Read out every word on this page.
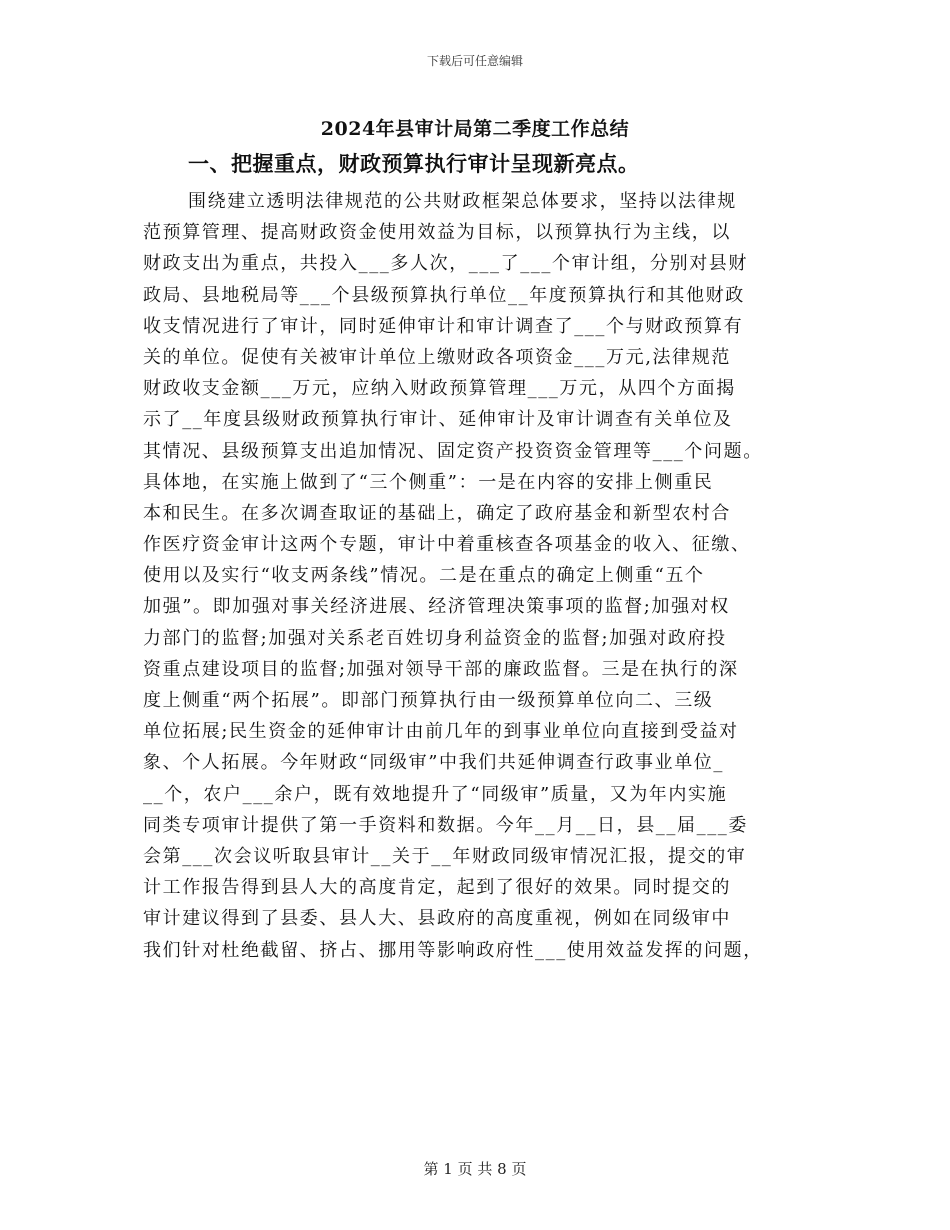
下载后可任意编辑
2024年县审计局第二季度工作总结
一、把握重点，财政预算执行审计呈现新亮点。
围绕建立透明法律规范的公共财政框架总体要求，坚持以法律规
范预算管理、提高财政资金使用效益为目标，以预算执行为主线，以
财政支出为重点，共投入___多人次，___了___个审计组，分别对县财
政局、县地税局等___个县级预算执行单位__年度预算执行和其他财政
收支情况进行了审计，同时延伸审计和审计调查了___个与财政预算有
关的单位。促使有关被审计单位上缴财政各项资金___万元,法律规范
财政收支金额___万元，应纳入财政预算管理___万元，从四个方面揭
示了__年度县级财政预算执行审计、延伸审计及审计调查有关单位及
其情况、县级预算支出追加情况、固定资产投资资金管理等___个问题。
具体地，在实施上做到了“三个侧重”：一是在内容的安排上侧重民
本和民生。在多次调查取证的基础上，确定了政府基金和新型农村合
作医疗资金审计这两个专题，审计中着重核查各项基金的收入、征缴、
使用以及实行“收支两条线”情况。二是在重点的确定上侧重“五个
加强”。即加强对事关经济进展、经济管理决策事项的监督;加强对权
力部门的监督;加强对关系老百姓切身利益资金的监督;加强对政府投
资重点建设项目的监督;加强对领导干部的廉政监督。三是在执行的深
度上侧重“两个拓展”。即部门预算执行由一级预算单位向二、三级
单位拓展;民生资金的延伸审计由前几年的到事业单位向直接到受益对
象、个人拓展。今年财政“同级审”中我们共延伸调查行政事业单位_
__个，农户___余户，既有效地提升了“同级审”质量，又为年内实施
同类专项审计提供了第一手资料和数据。今年__月__日，县__届___委
会第___次会议听取县审计__关于__年财政同级审情况汇报，提交的审
计工作报告得到县人大的高度肯定，起到了很好的效果。同时提交的
审计建议得到了县委、县人大、县政府的高度重视，例如在同级审中
我们针对杜绝截留、挤占、挪用等影响政府性___使用效益发挥的问题，
第 1 页 共 8 页
